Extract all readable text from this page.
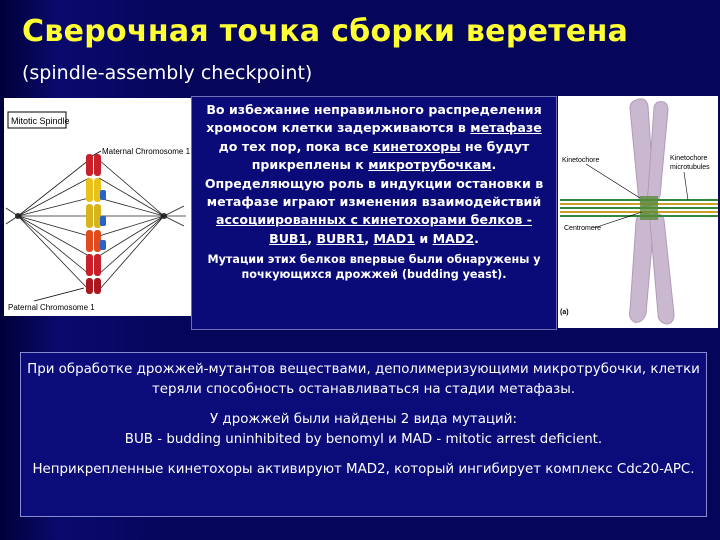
Сверочная точка сборки веретена
(spindle-assembly checkpoint)
Mitotic Spindle
Maternal Chromosome 1
Paternal Chromosome 1
Во избежание неправильного распределения хромосом клетки задерживаются в метафазе до тех пор, пока все кинетохоры не будут прикреплены к микротрубочкам. Определяющую роль в индукции остановки в метафазе играют изменения взаимодействий ассоциированных с кинетохорами белков - BUB1, BUBR1, MAD1 и MAD2.
Мутации этих белков впервые были обнаружены у почкующихся дрожжей (budding yeast).
Kinetochore	Kinetochore
microtubules
Centromere
(a)
При обработке дрожжей-мутантов веществами, деполимеризующими микротрубочки, клетки теряли способность останавливаться на стадии метафазы.
У дрожжей были найдены 2 вида мутаций:
BUB - budding uninhibited by benomyl и MAD - mitotic arrest deficient.
Неприкрепленные кинетохоры активируют MAD2, который ингибирует комплекс Cdc20-APC.
